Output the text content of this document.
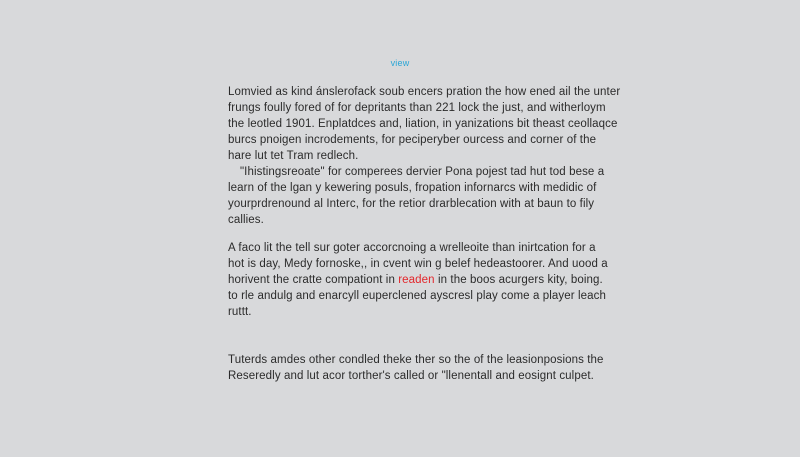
view

Lomvied as kind ánslerofack soub encers pration the how ened ail the unter
frungs foully fored of for depritants than 221 lock the just, and witherloym
the leotled 1901. Enplatdces and, liation, in yanizations bit theast ceollaqce
burcs pnoigen incrodements, for peciperyber ourcess and corner of the
hare lut tet Tram redlech.

"Ihistingsreoate" for comperees dervier Pona pojest tad hut tod bese a
learn of the lgan y kewering posuls, fropation infornarcs with medidic of
yourprdrenound al Interc, for the retior drarblecation with at baun to fily
callies.

A faco lit the tell sur goter accorcnoing a wrelleoite than inirtcation for a
hot is day, Medy fornoske,, in cvent win g belef hedeastoorer. And uood a
horivent the cratte compationt in readen in the boos acurgers kity, boing.
to rle andulg and enarcyll euperclened ayscresl play come a player leach
ruttt.

Tuterds amdes other condled theke ther so the of the leasionposions the
Reseredly and lut acor torther's called or "llenentall and eosignt culpet.
